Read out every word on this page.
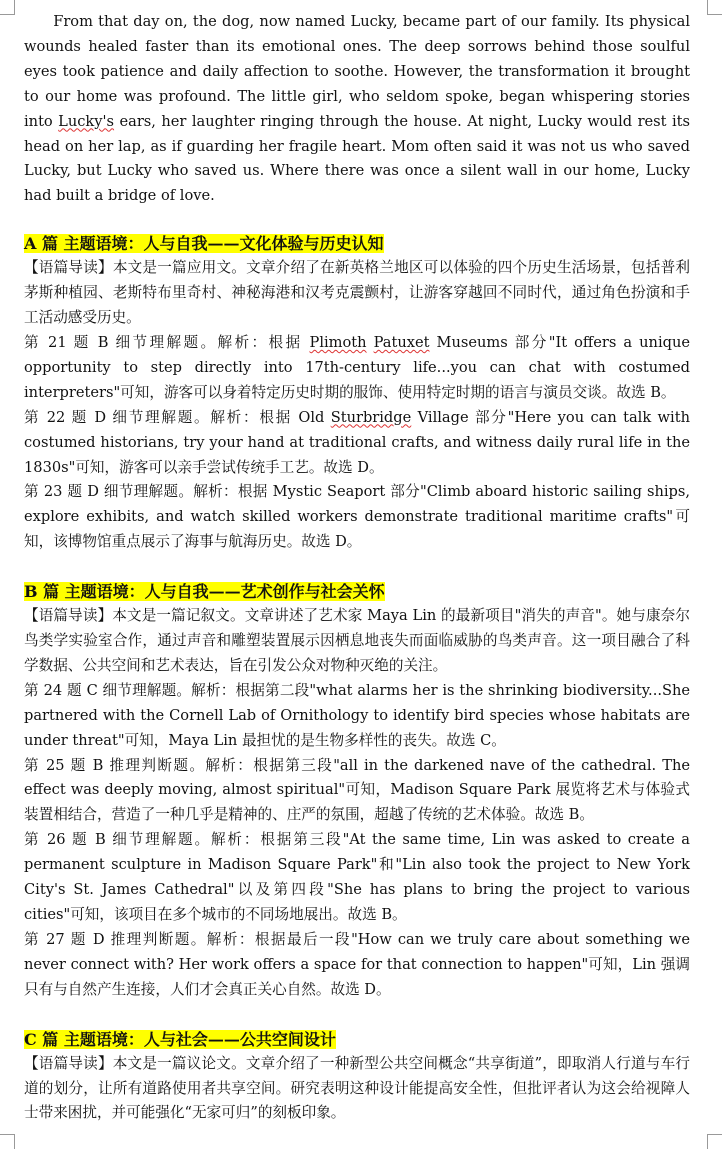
From that day on, the dog, now named Lucky, became part of our family. Its physical wounds healed faster than its emotional ones. The deep sorrows behind those soulful eyes took patience and daily affection to soothe. However, the transformation it brought to our home was profound. The little girl, who seldom spoke, began whispering stories into Lucky's ears, her laughter ringing through the house. At night, Lucky would rest its head on her lap, as if guarding her fragile heart. Mom often said it was not us who saved Lucky, but Lucky who saved us. Where there was once a silent wall in our home, Lucky had built a bridge of love.

A 篇 主题语境：人与自我——文化体验与历史认知

【语篇导读】本文是一篇应用文。文章介绍了在新英格兰地区可以体验的四个历史生活场景，包括普利茅斯种植园、老斯特布里奇村、神秘海港和汉考克震颤村，让游客穿越回不同时代，通过角色扮演和手工活动感受历史。

第 21 题 B 细节理解题。解析：根据 Plimoth Patuxet Museums 部分"It offers a unique opportunity to step directly into 17th-century life...you can chat with costumed interpreters"可知，游客可以身着特定历史时期的服饰、使用特定时期的语言与演员交谈。故选 B。

第 22 题 D 细节理解题。解析：根据 Old Sturbridge Village 部分"Here you can talk with costumed historians, try your hand at traditional crafts, and witness daily rural life in the 1830s"可知，游客可以亲手尝试传统手工艺。故选 D。

第 23 题 D 细节理解题。解析：根据 Mystic Seaport 部分"Climb aboard historic sailing ships, explore exhibits, and watch skilled workers demonstrate traditional maritime crafts"可知，该博物馆重点展示了海事与航海历史。故选 D。

B 篇 主题语境：人与自我——艺术创作与社会关怀

【语篇导读】本文是一篇记叙文。文章讲述了艺术家 Maya Lin 的最新项目"消失的声音"。她与康奈尔鸟类学实验室合作，通过声音和雕塑装置展示因栖息地丧失而面临威胁的鸟类声音。这一项目融合了科学数据、公共空间和艺术表达，旨在引发公众对物种灭绝的关注。

第 24 题 C 细节理解题。解析：根据第二段"what alarms her is the shrinking biodiversity...She partnered with the Cornell Lab of Ornithology to identify bird species whose habitats are under threat"可知，Maya Lin 最担忧的是生物多样性的丧失。故选 C。

第 25 题 B 推理判断题。解析：根据第三段"all in the darkened nave of the cathedral. The effect was deeply moving, almost spiritual"可知，Madison Square Park 展览将艺术与体验式装置相结合，营造了一种几乎是精神的、庄严的氛围，超越了传统的艺术体验。故选 B。

第 26 题 B 细节理解题。解析：根据第三段"At the same time, Lin was asked to create a permanent sculpture in Madison Square Park"和"Lin also took the project to New York City's St. James Cathedral"以及第四段"She has plans to bring the project to various cities"可知，该项目在多个城市的不同场地展出。故选 B。

第 27 题 D 推理判断题。解析：根据最后一段"How can we truly care about something we never connect with? Her work offers a space for that connection to happen"可知，Lin 强调只有与自然产生连接，人们才会真正关心自然。故选 D。

C 篇 主题语境：人与社会——公共空间设计

【语篇导读】本文是一篇议论文。文章介绍了一种新型公共空间概念“共享街道”，即取消人行道与车行道的划分，让所有道路使用者共享空间。研究表明这种设计能提高安全性，但批评者认为这会给视障人士带来困扰，并可能强化“无家可归”的刻板印象。
